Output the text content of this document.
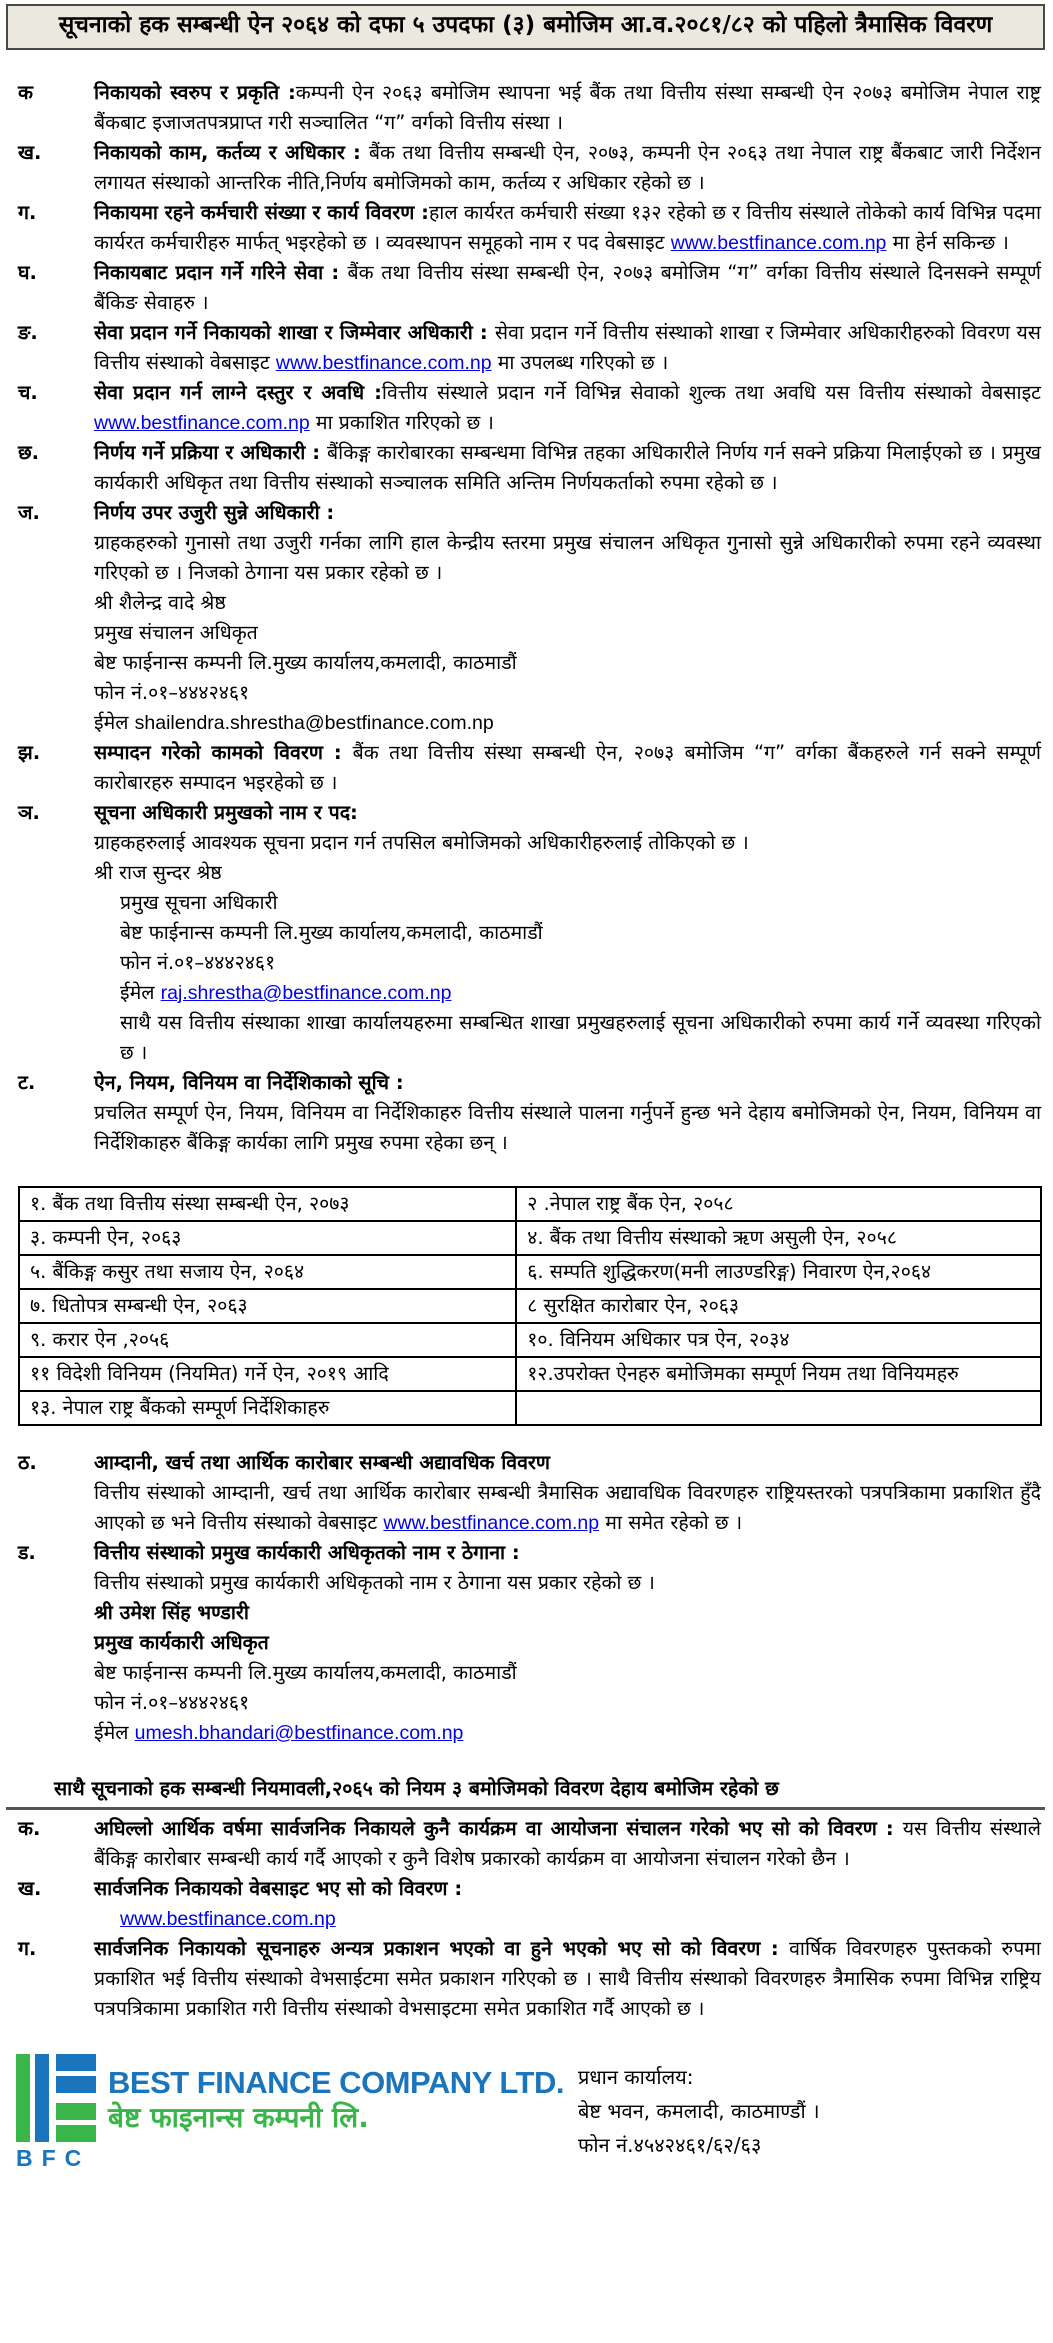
सूचनाको हक सम्बन्धी ऐन २०६४ को दफा ५ उपदफा (३) बमोजिम आ.व.२०८१/८२ को पहिलो त्रैमासिक विवरण
क	निकायको स्वरुप र प्रकृति :कम्पनी ऐन २०६३ बमोजिम स्थापना भई बैंक तथा वित्तीय संस्था सम्बन्धी ऐन २०७३ बमोजिम नेपाल राष्ट्र बैंकबाट इजाजतपत्रप्राप्त गरी सञ्चालित “ग” वर्गको वित्तीय संस्था ।
ख.	निकायको काम, कर्तव्य र अधिकार : बैंक तथा वित्तीय सम्बन्धी ऐन, २०७३, कम्पनी ऐन २०६३ तथा नेपाल राष्ट्र बैंकबाट जारी निर्देशन लगायत संस्थाको आन्तरिक नीति,निर्णय बमोजिमको काम, कर्तव्य र अधिकार रहेको छ ।
ग.	निकायमा रहने कर्मचारी संख्या र कार्य विवरण :हाल कार्यरत कर्मचारी संख्या १३२ रहेको छ र वित्तीय संस्थाले तोकेको कार्य विभिन्न पदमा कार्यरत कर्मचारीहरु मार्फत् भइरहेको छ । व्यवस्थापन समूहको नाम र पद वेबसाइट www.bestfinance.com.np मा हेर्न सकिन्छ ।
घ.	निकायबाट प्रदान गर्ने गरिने सेवा : बैंक तथा वित्तीय संस्था सम्बन्धी ऐन, २०७३ बमोजिम “ग” वर्गका वित्तीय संस्थाले दिनसक्ने सम्पूर्ण बैंकिङ सेवाहरु ।
ङ.	सेवा प्रदान गर्ने निकायको शाखा र जिम्मेवार अधिकारी : सेवा प्रदान गर्ने वित्तीय संस्थाको शाखा र जिम्मेवार अधिकारीहरुको विवरण यस वित्तीय संस्थाको वेबसाइट www.bestfinance.com.np मा उपलब्ध गरिएको छ ।
च.	सेवा प्रदान गर्न लाग्ने दस्तुर र अवधि :वित्तीय संस्थाले प्रदान गर्ने विभिन्न सेवाको शुल्क तथा अवधि यस वित्तीय संस्थाको वेबसाइट www.bestfinance.com.np मा प्रकाशित गरिएको छ ।
छ.	निर्णय गर्ने प्रक्रिया र अधिकारी : बैंकिङ्ग कारोबारका सम्बन्धमा विभिन्न तहका अधिकारीले निर्णय गर्न सक्ने प्रक्रिया मिलाईएको छ । प्रमुख कार्यकारी अधिकृत तथा वित्तीय संस्थाको सञ्चालक समिति अन्तिम निर्णयकर्ताको रुपमा रहेको छ ।
ज.	निर्णय उपर उजुरी सुन्ने अधिकारी :
ग्राहकहरुको गुनासो तथा उजुरी गर्नका लागि हाल केन्द्रीय स्तरमा प्रमुख संचालन अधिकृत गुनासो सुन्ने अधिकारीको रुपमा रहने व्यवस्था गरिएको छ । निजको ठेगाना यस प्रकार रहेको छ ।
श्री शैलेन्द्र वादे श्रेष्ठ
प्रमुख संचालन अधिकृत
बेष्ट फाईनान्स कम्पनी लि.मुख्य कार्यालय,कमलादी, काठमाडौं
फोन नं.०१–४४४२४६१
ईमेल shailendra.shrestha@bestfinance.com.np
झ.	सम्पादन गरेको कामको विवरण : बैंक तथा वित्तीय संस्था सम्बन्धी ऐन, २०७३ बमोजिम “ग” वर्गका बैंकहरुले गर्न सक्ने सम्पूर्ण कारोबारहरु सम्पादन भइरहेको छ ।
ञ.	सूचना अधिकारी प्रमुखको नाम र पद:
ग्राहकहरुलाई आवश्यक सूचना प्रदान गर्न तपसिल बमोजिमको अधिकारीहरुलाई तोकिएको छ ।
श्री राज सुन्दर श्रेष्ठ
प्रमुख सूचना अधिकारी
बेष्ट फाईनान्स कम्पनी लि.मुख्य कार्यालय,कमलादी, काठमाडौं
फोन नं.०१–४४४२४६१
ईमेल raj.shrestha@bestfinance.com.np
साथै यस वित्तीय संस्थाका शाखा कार्यालयहरुमा सम्बन्धित शाखा प्रमुखहरुलाई सूचना अधिकारीको रुपमा कार्य गर्ने व्यवस्था गरिएको छ ।
ट.	ऐन, नियम, विनियम वा निर्देशिकाको सूचि :
प्रचलित सम्पूर्ण ऐन, नियम, विनियम वा निर्देशिकाहरु वित्तीय संस्थाले पालना गर्नुपर्ने हुन्छ भने देहाय बमोजिमको ऐन, नियम, विनियम वा निर्देशिकाहरु बैंकिङ्ग कार्यका लागि प्रमुख रुपमा रहेका छन् ।
१. बैंक तथा वित्तीय संस्था सम्बन्धी ऐन, २०७३	२ .नेपाल राष्ट्र बैंक ऐन, २०५८
३. कम्पनी ऐन, २०६३	४. बैंक तथा वित्तीय संस्थाको ऋण असुली ऐन, २०५८
५. बैंकिङ्ग कसुर तथा सजाय ऐन, २०६४	६. सम्पति शुद्धिकरण(मनी लाउण्डरिङ्ग) निवारण ऐन,२०६४
७. धितोपत्र सम्बन्धी ऐन, २०६३	८ सुरक्षित कारोबार ऐन, २०६३
९. करार ऐन ,२०५६	१०. विनियम अधिकार पत्र ऐन, २०३४
११ विदेशी विनियम (नियमित) गर्ने ऐन, २०१९ आदि	१२.उपरोक्त ऐनहरु बमोजिमका सम्पूर्ण नियम तथा विनियमहरु
१३. नेपाल राष्ट्र बैंकको सम्पूर्ण निर्देशिकाहरु	
ठ.	आम्दानी, खर्च तथा आर्थिक कारोबार सम्बन्धी अद्यावधिक विवरण
वित्तीय संस्थाको आम्दानी, खर्च तथा आर्थिक कारोबार सम्बन्धी त्रैमासिक अद्यावधिक विवरणहरु राष्ट्रियस्तरको पत्रपत्रिकामा प्रकाशित हुँदै आएको छ भने वित्तीय संस्थाको वेबसाइट www.bestfinance.com.np मा समेत रहेको छ ।
ड.	वित्तीय संस्थाको प्रमुख कार्यकारी अधिकृतको नाम र ठेगाना :
वित्तीय संस्थाको प्रमुख कार्यकारी अधिकृतको नाम र ठेगाना यस प्रकार रहेको छ ।
श्री उमेश सिंह भण्डारी
प्रमुख कार्यकारी अधिकृत
बेष्ट फाईनान्स कम्पनी लि.मुख्य कार्यालय,कमलादी, काठमाडौं
फोन नं.०१–४४४२४६१
ईमेल umesh.bhandari@bestfinance.com.np
साथै सूचनाको हक सम्बन्धी नियमावली,२०६५ को नियम ३ बमोजिमको विवरण देहाय बमोजिम रहेको छ
क.	अघिल्लो आर्थिक वर्षमा सार्वजनिक निकायले कुनै कार्यक्रम वा आयोजना संचालन गरेको भए सो को विवरण : यस वित्तीय संस्थाले बैंकिङ्ग कारोबार सम्बन्धी कार्य गर्दै आएको र कुनै विशेष प्रकारको कार्यक्रम वा आयोजना संचालन गरेको छैन ।
ख.	सार्वजनिक निकायको वेबसाइट भए सो को विवरण :
www.bestfinance.com.np
ग.	सार्वजनिक निकायको सूचनाहरु अन्यत्र प्रकाशन भएको वा हुने भएको भए सो को विवरण : वार्षिक विवरणहरु पुस्तकको रुपमा प्रकाशित भई वित्तीय संस्थाको वेभसाईटमा समेत प्रकाशन गरिएको छ । साथै वित्तीय संस्थाको विवरणहरु त्रैमासिक रुपमा विभिन्न राष्ट्रिय पत्रपत्रिकामा प्रकाशित गरी वित्तीय संस्थाको वेभसाइटमा समेत प्रकाशित गर्दै आएको छ ।
BFC
BEST FINANCE COMPANY LTD.
बेष्ट फाइनान्स कम्पनी लि.
प्रधान कार्यालय:
बेष्ट भवन, कमलादी, काठमाण्डौं ।
फोन नं.४५४२४६१/६२/६३
